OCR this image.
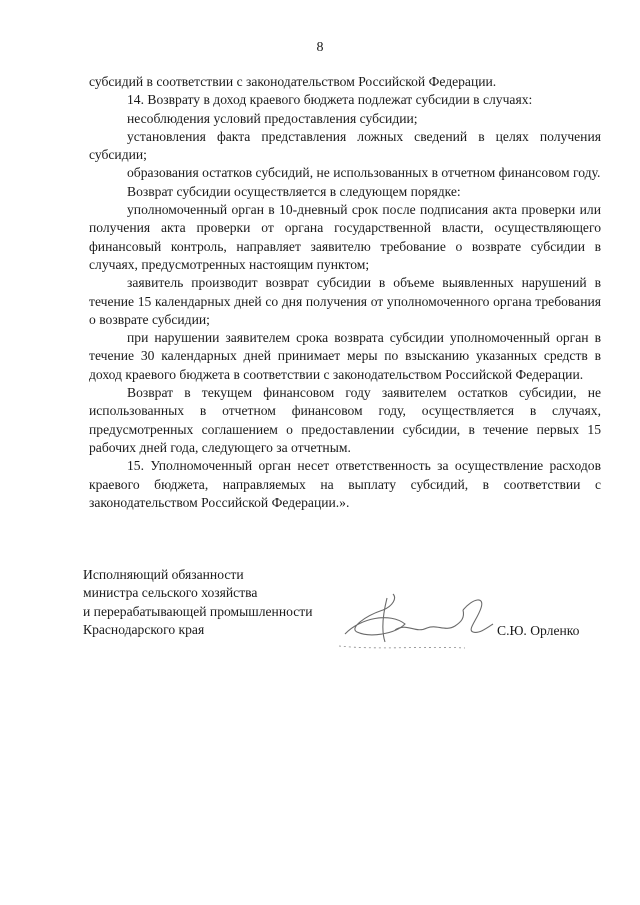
8

субсидий в соответствии с законодательством Российской Федерации.

14. Возврату в доход краевого бюджета подлежат субсидии в случаях:

несоблюдения условий предоставления субсидии;

установления факта представления ложных сведений в целях получения субсидии;

образования остатков субсидий, не использованных в отчетном финансовом году.

Возврат субсидии осуществляется в следующем порядке:

уполномоченный орган в 10-дневный срок после подписания акта проверки или получения акта проверки от органа государственной власти, осуществляющего финансовый контроль, направляет заявителю требование о возврате субсидии в случаях, предусмотренных настоящим пунктом;

заявитель производит возврат субсидии в объеме выявленных нарушений в течение 15 календарных дней со дня получения от уполномоченного органа требования о возврате субсидии;

при нарушении заявителем срока возврата субсидии уполномоченный орган в течение 30 календарных дней принимает меры по взысканию указанных средств в доход краевого бюджета в соответствии с законодательством Российской Федерации.

Возврат в текущем финансовом году заявителем остатков субсидии, не использованных в отчетном финансовом году, осуществляется в случаях, предусмотренных соглашением о предоставлении субсидии, в течение первых 15 рабочих дней года, следующего за отчетным.

15. Уполномоченный орган несет ответственность за осуществление расходов краевого бюджета, направляемых на выплату субсидий, в соответствии с законодательством Российской Федерации.».

Исполняющий обязанности
министра сельского хозяйства
и перерабатывающей промышленности
Краснодарского края	С.Ю. Орленко
